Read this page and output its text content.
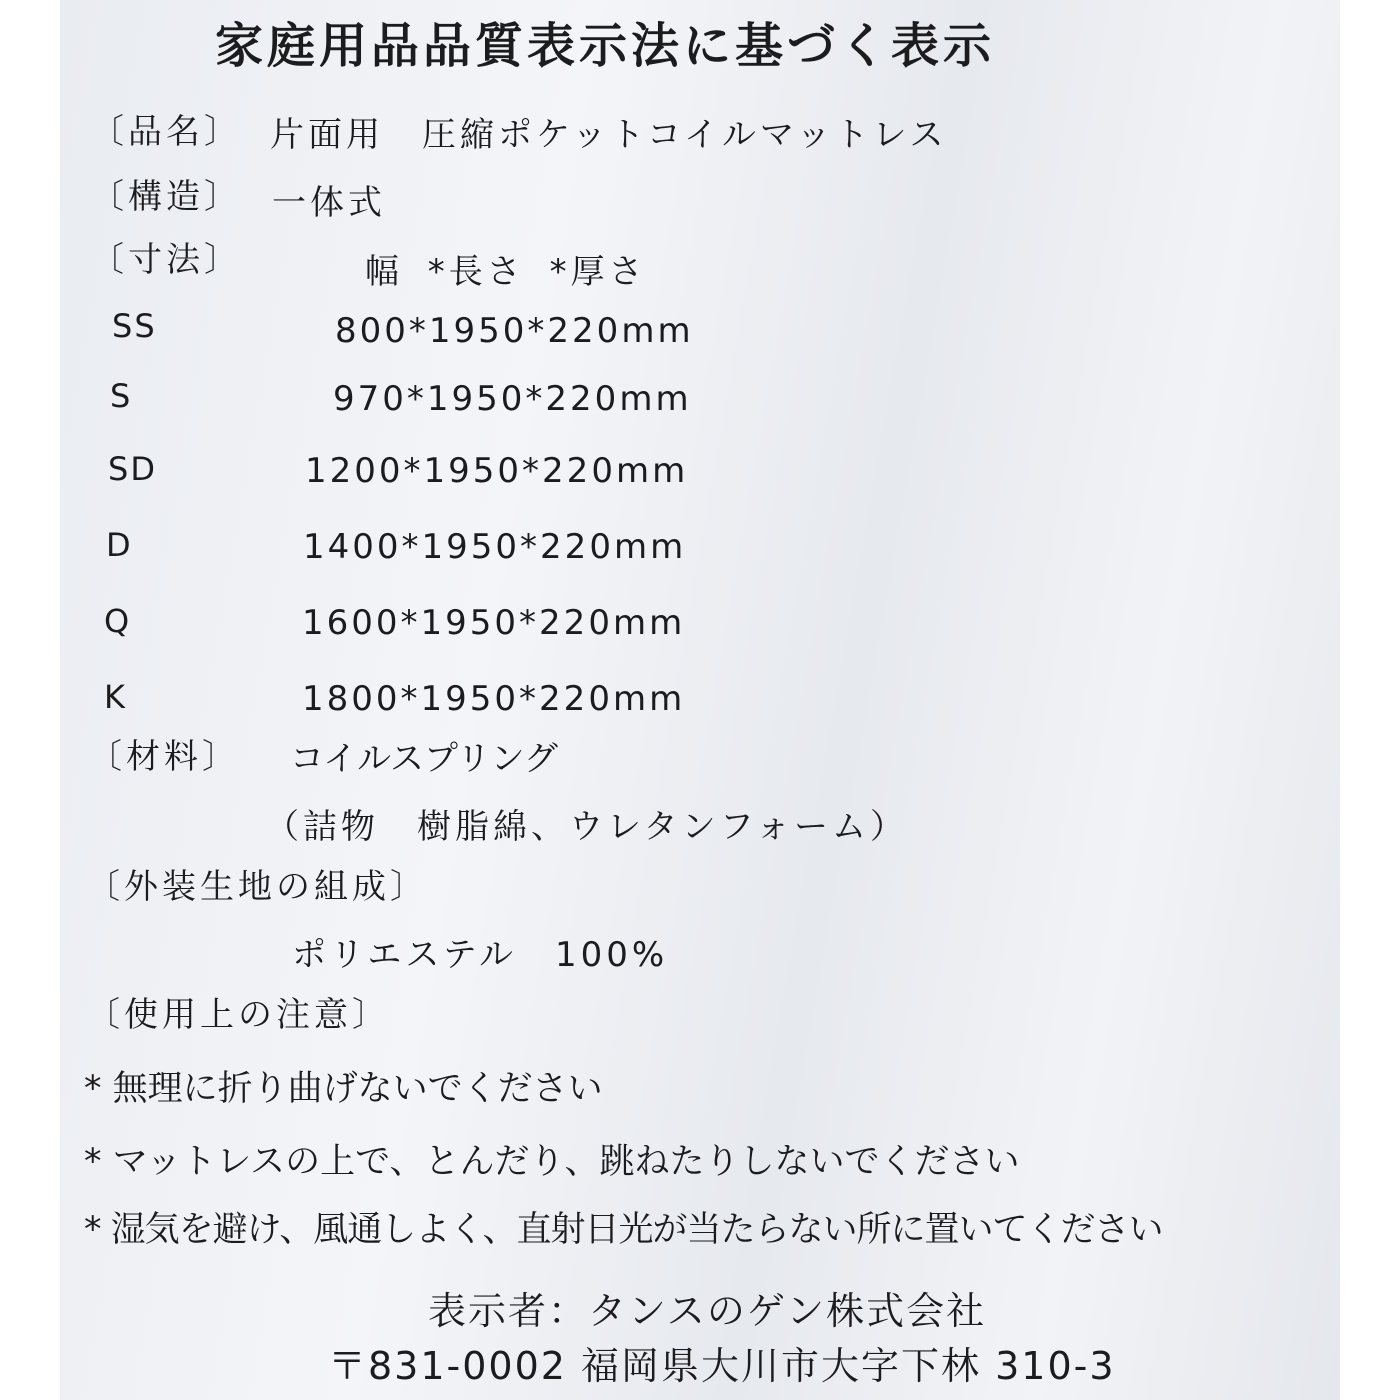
家庭用品品質表示法に基づく表示
〔品名〕 片面用　圧縮ポケットコイルマットレス
〔構造〕 一体式
〔寸法〕	幅 *長さ *厚さ
SS	800*1950*220mm
S	970*1950*220mm
SD	1200*1950*220mm
D	1400*1950*220mm
Q	1600*1950*220mm
K	1800*1950*220mm
〔材料〕 コイルスプリング
（詰物　樹脂綿、ウレタンフォーム）
〔外装生地の組成〕
ポリエステル　100%
〔使用上の注意〕
* 無理に折り曲げないでください
* マットレスの上で、とんだり、跳ねたりしないでください
* 湿気を避け、風通しよく、直射日光が当たらない所に置いてください
表示者：タンスのゲン株式会社
〒831-0002 福岡県大川市大字下林 310-3
